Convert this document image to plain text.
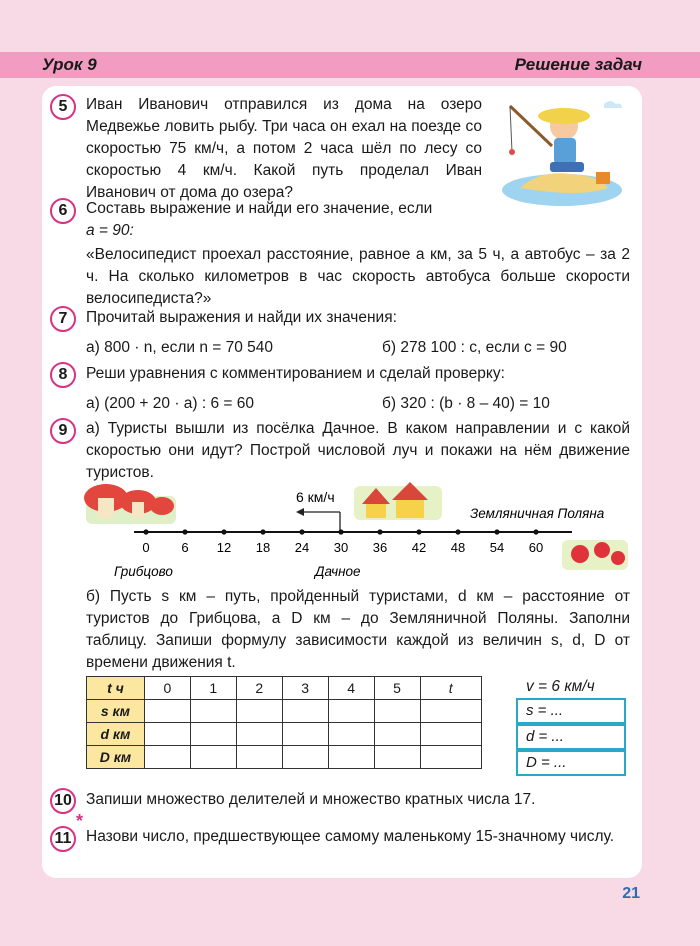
Урок 9	Решение задач
5	Иван Иванович отправился из дома на озеро Медвежье ловить рыбу. Три часа он ехал на поезде со скоростью 75 км/ч, а потом 2 часа шёл по лесу со скоростью 4 км/ч. Какой путь проделал Иван Иванович от дома до озера?
6	Составь выражение и найди его значение, если
a = 90:
«Велосипедист проехал расстояние, равное a км, за 5 ч, а автобус – за 2 ч. На сколько километров в час скорость автобуса больше скорости велосипедиста?»
7	Прочитай выражения и найди их значения:
а) 800 · n, если n = 70 540	б) 278 100 : c, если c = 90
8	Реши уравнения с комментированием и сделай проверку:
а) (200 + 20 · a) : 6 = 60	б) 320 : (b · 8 – 40) = 10
9	а) Туристы вышли из посёлка Дачное. В каком направлении и с какой скоростью они идут? Построй числовой луч и покажи на нём движение туристов.
6 км/ч
Земляничная Поляна
Грибцово	Дачное
0 6 12 18 24 30 36 42 48 54 60
б) Пусть s км – путь, пройденный туристами, d км – расстояние от туристов до Грибцова, а D км – до Земляничной Поляны. Заполни таблицу. Запиши формулу зависимости каждой из величин s, d, D от времени движения t.
t ч	0	1	2	3	4	5	t
s км							
d км							
D км							
v = 6 км/ч
s = ...
d = ...
D = ...
10 Запиши множество делителей и множество кратных числа 17.
11
*
Назови число, предшествующее самому маленькому 15-значному числу.
21
